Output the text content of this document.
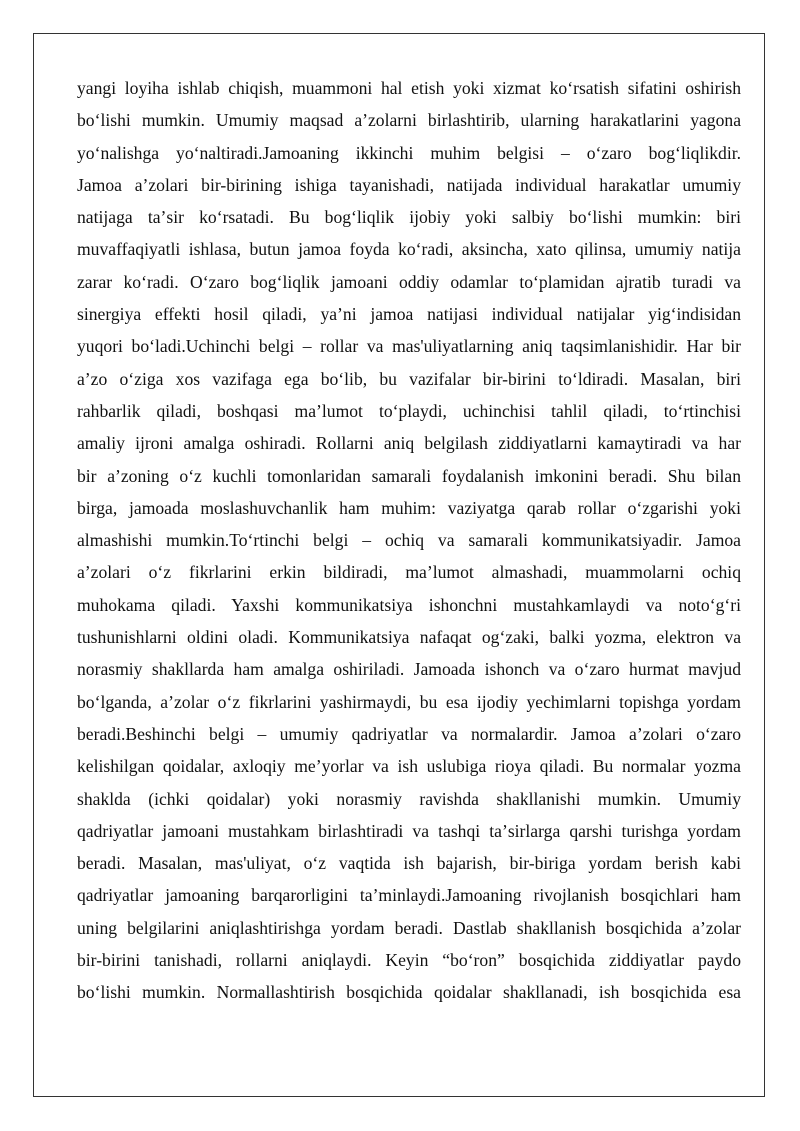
yangi loyiha ishlab chiqish, muammoni hal etish yoki xizmat koʻrsatish sifatini oshirish
boʻlishi mumkin. Umumiy maqsad aʼzolarni birlashtirib, ularning harakatlarini yagona
yoʻnalishga yoʻnaltiradi.Jamoaning ikkinchi muhim belgisi – oʻzaro bogʻliqlikdir.
Jamoa aʼzolari bir-birining ishiga tayanishadi, natijada individual harakatlar umumiy
natijaga taʼsir koʻrsatadi. Bu bogʻliqlik ijobiy yoki salbiy boʻlishi mumkin: biri
muvaffaqiyatli ishlasa, butun jamoa foyda koʻradi, aksincha, xato qilinsa, umumiy natija
zarar koʻradi. Oʻzaro bogʻliqlik jamoani oddiy odamlar toʻplamidan ajratib turadi va
sinergiya effekti hosil qiladi, yaʼni jamoa natijasi individual natijalar yigʻindisidan
yuqori boʻladi.Uchinchi belgi – rollar va mas'uliyatlarning aniq taqsimlanishidir. Har bir
aʼzo oʻziga xos vazifaga ega boʻlib, bu vazifalar bir-birini toʻldiradi. Masalan, biri
rahbarlik qiladi, boshqasi maʼlumot toʻplaydi, uchinchisi tahlil qiladi, toʻrtinchisi
amaliy ijroni amalga oshiradi. Rollarni aniq belgilash ziddiyatlarni kamaytiradi va har
bir aʼzoning oʻz kuchli tomonlaridan samarali foydalanish imkonini beradi. Shu bilan
birga, jamoada moslashuvchanlik ham muhim: vaziyatga qarab rollar oʻzgarishi yoki
almashishi mumkin.Toʻrtinchi belgi – ochiq va samarali kommunikatsiyadir. Jamoa
aʼzolari oʻz fikrlarini erkin bildiradi, maʼlumot almashadi, muammolarni ochiq
muhokama qiladi. Yaxshi kommunikatsiya ishonchni mustahkamlaydi va notoʻgʻri
tushunishlarni oldini oladi. Kommunikatsiya nafaqat ogʻzaki, balki yozma, elektron va
norasmiy shakllarda ham amalga oshiriladi. Jamoada ishonch va oʻzaro hurmat mavjud
boʻlganda, aʼzolar oʻz fikrlarini yashirmaydi, bu esa ijodiy yechimlarni topishga yordam
beradi.Beshinchi belgi – umumiy qadriyatlar va normalardir. Jamoa aʼzolari oʻzaro
kelishilgan qoidalar, axloqiy meʼyorlar va ish uslubiga rioya qiladi. Bu normalar yozma
shaklda (ichki qoidalar) yoki norasmiy ravishda shakllanishi mumkin. Umumiy
qadriyatlar jamoani mustahkam birlashtiradi va tashqi taʼsirlarga qarshi turishga yordam
beradi. Masalan, mas'uliyat, oʻz vaqtida ish bajarish, bir-biriga yordam berish kabi
qadriyatlar jamoaning barqarorligini taʼminlaydi.Jamoaning rivojlanish bosqichlari ham
uning belgilarini aniqlashtirishga yordam beradi. Dastlab shakllanish bosqichida aʼzolar
bir-birini tanishadi, rollarni aniqlaydi. Keyin “boʻron” bosqichida ziddiyatlar paydo
boʻlishi mumkin. Normallashtirish bosqichida qoidalar shakllanadi, ish bosqichida esa
